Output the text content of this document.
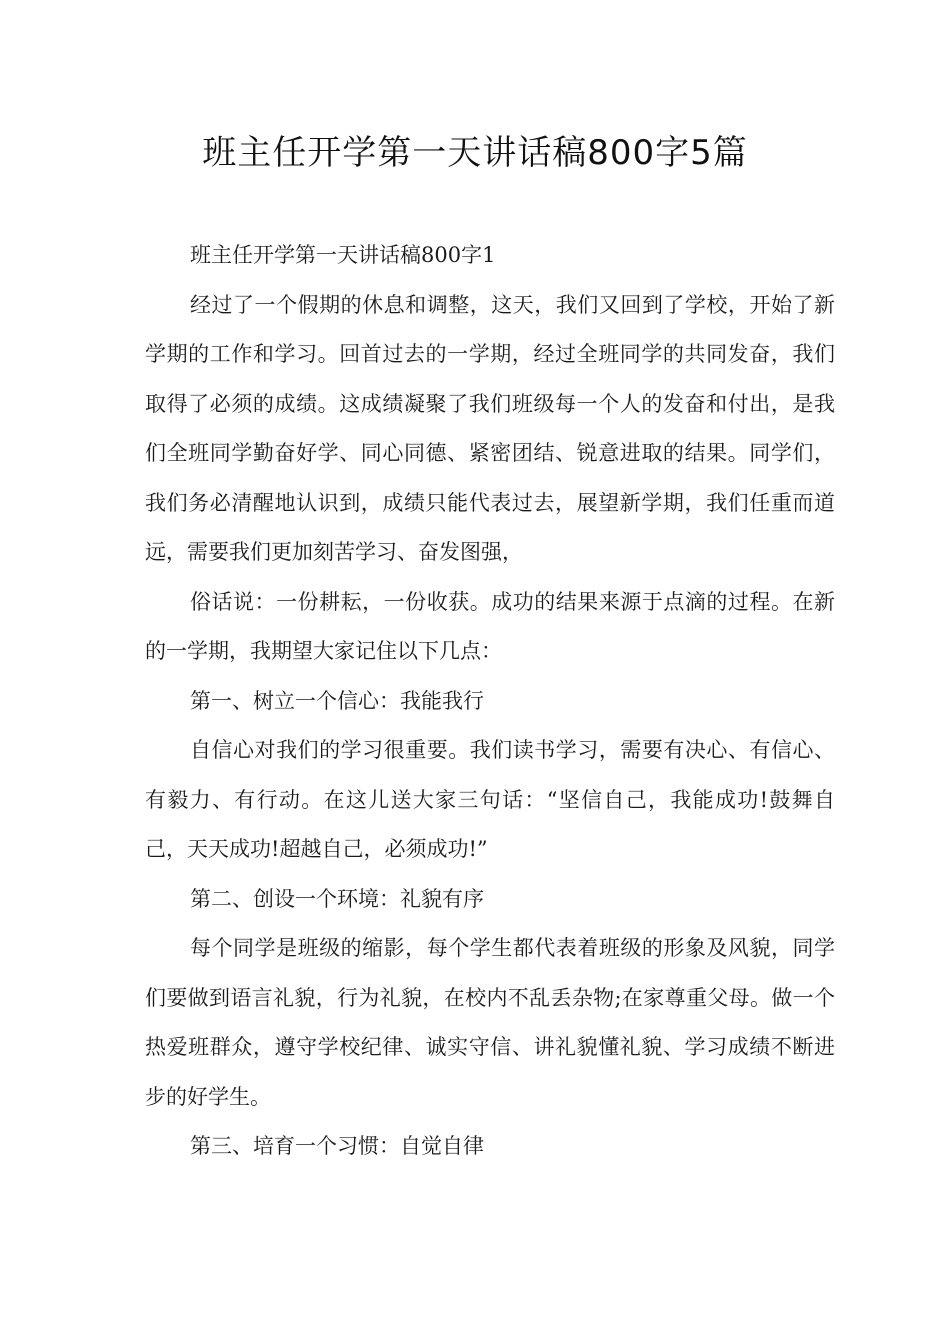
班主任开学第一天讲话稿800字5篇

班主任开学第一天讲话稿800字1

经过了一个假期的休息和调整，这天，我们又回到了学校，开始了新学期的工作和学习。回首过去的一学期，经过全班同学的共同发奋，我们取得了必须的成绩。这成绩凝聚了我们班级每一个人的发奋和付出，是我们全班同学勤奋好学、同心同德、紧密团结、锐意进取的结果。同学们，我们务必清醒地认识到，成绩只能代表过去，展望新学期，我们任重而道远，需要我们更加刻苦学习、奋发图强，

俗话说：一份耕耘，一份收获。成功的结果来源于点滴的过程。在新的一学期，我期望大家记住以下几点：

第一、树立一个信心：我能我行

自信心对我们的学习很重要。我们读书学习，需要有决心、有信心、有毅力、有行动。在这儿送大家三句话：“坚信自己，我能成功!鼓舞自己，天天成功!超越自己，必须成功!”

第二、创设一个环境：礼貌有序

每个同学是班级的缩影，每个学生都代表着班级的形象及风貌，同学们要做到语言礼貌，行为礼貌，在校内不乱丢杂物;在家尊重父母。做一个热爱班群众，遵守学校纪律、诚实守信、讲礼貌懂礼貌、学习成绩不断进步的好学生。

第三、培育一个习惯：自觉自律
